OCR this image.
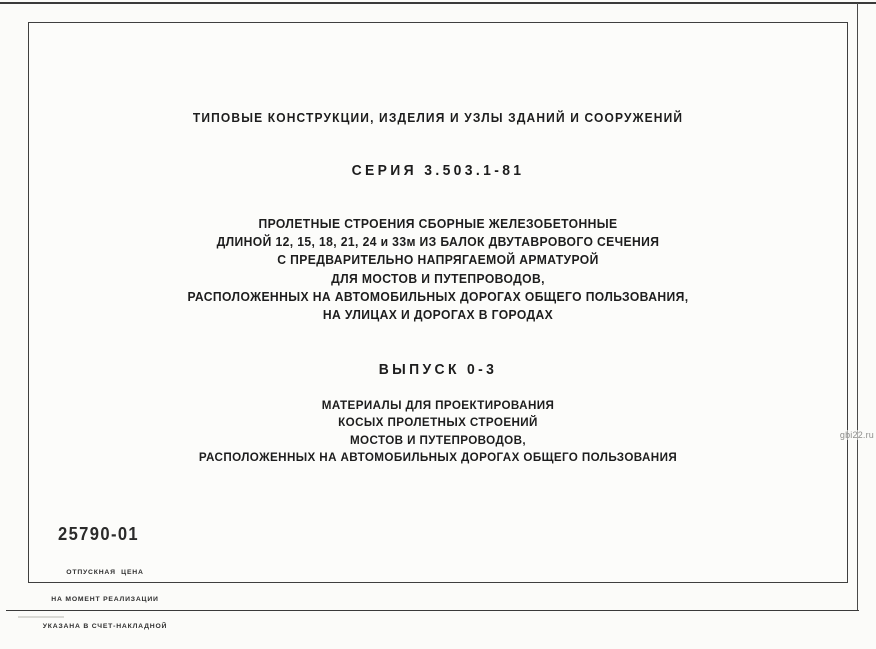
ТИПОВЫЕ КОНСТРУКЦИИ, ИЗДЕЛИЯ И УЗЛЫ ЗДАНИЙ И СООРУЖЕНИЙ
СЕРИЯ 3.503.1-81
ПРОЛЕТНЫЕ СТРОЕНИЯ СБОРНЫЕ ЖЕЛЕЗОБЕТОННЫЕ
ДЛИНОЙ 12, 15, 18, 21, 24 и 33м ИЗ БАЛОК ДВУТАВРОВОГО СЕЧЕНИЯ
С ПРЕДВАРИТЕЛЬНО НАПРЯГАЕМОЙ АРМАТУРОЙ
ДЛЯ МОСТОВ И ПУТЕПРОВОДОВ,
РАСПОЛОЖЕННЫХ НА АВТОМОБИЛЬНЫХ ДОРОГАХ ОБЩЕГО ПОЛЬЗОВАНИЯ,
НА УЛИЦАХ И ДОРОГАХ В ГОРОДАХ
ВЫПУСК 0-3
МАТЕРИАЛЫ ДЛЯ ПРОЕКТИРОВАНИЯ
КОСЫХ ПРОЛЕТНЫХ СТРОЕНИЙ
МОСТОВ И ПУТЕПРОВОДОВ,
РАСПОЛОЖЕННЫХ НА АВТОМОБИЛЬНЫХ ДОРОГАХ ОБЩЕГО ПОЛЬЗОВАНИЯ
25790-01

ОТПУСКНАЯ  ЦЕНА

НА МОМЕНТ РЕАЛИЗАЦИИ

УКАЗАНА В СЧЕТ-НАКЛАДНОЙ

gbi22.ru
